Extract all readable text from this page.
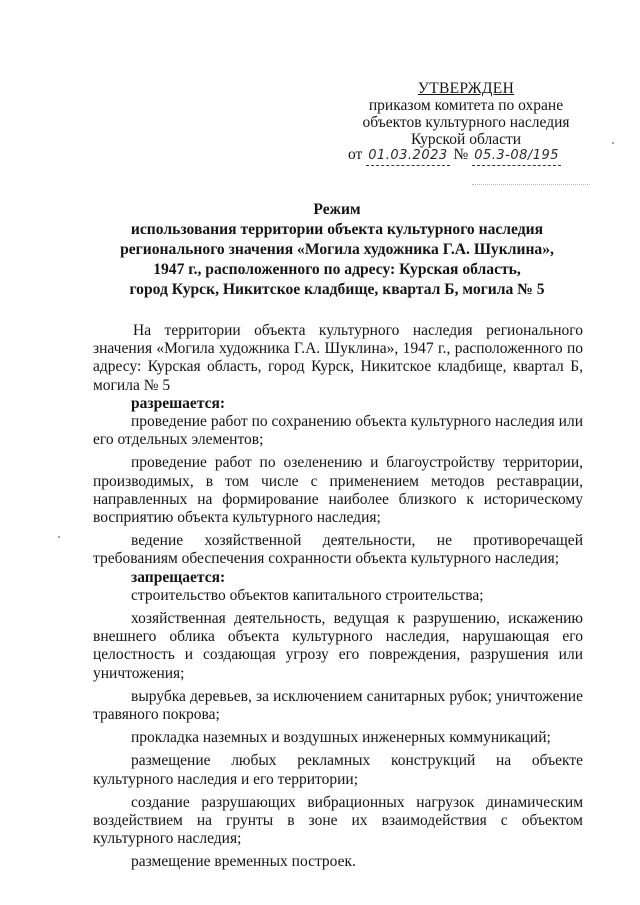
УТВЕРЖДЕН
приказом комитета по охране
объектов культурного наследия
Курской области
от 01.03.2023 № 05.3-08/195
Режим
использования территории объекта культурного наследия
регионального значения «Могила художника Г.А. Шуклина»,
1947 г., расположенного по адресу: Курская область,
город Курск, Никитское кладбище, квартал Б, могила № 5

На территории объекта культурного наследия регионального значения «Могила художника Г.А. Шуклина», 1947 г., расположенного по адресу: Курская область, город Курск, Никитское кладбище, квартал Б, могила № 5

разрешается:

проведение работ по сохранению объекта культурного наследия или его отдельных элементов;

проведение работ по озеленению и благоустройству территории, производимых, в том числе с применением методов реставрации, направленных на формирование наиболее близкого к историческому восприятию объекта культурного наследия;

ведение хозяйственной деятельности, не противоречащей требованиям обеспечения сохранности объекта культурного наследия;

запрещается:

строительство объектов капитального строительства;

хозяйственная деятельность, ведущая к разрушению, искажению внешнего облика объекта культурного наследия, нарушающая его целостность и создающая угрозу его повреждения, разрушения или уничтожения;

вырубка деревьев, за исключением санитарных рубок; уничтожение травяного покрова;

прокладка наземных и воздушных инженерных коммуникаций;

размещение любых рекламных конструкций на объекте культурного наследия и его территории;

создание разрушающих вибрационных нагрузок динамическим воздействием на грунты в зоне их взаимодействия с объектом культурного наследия;

размещение временных построек.
